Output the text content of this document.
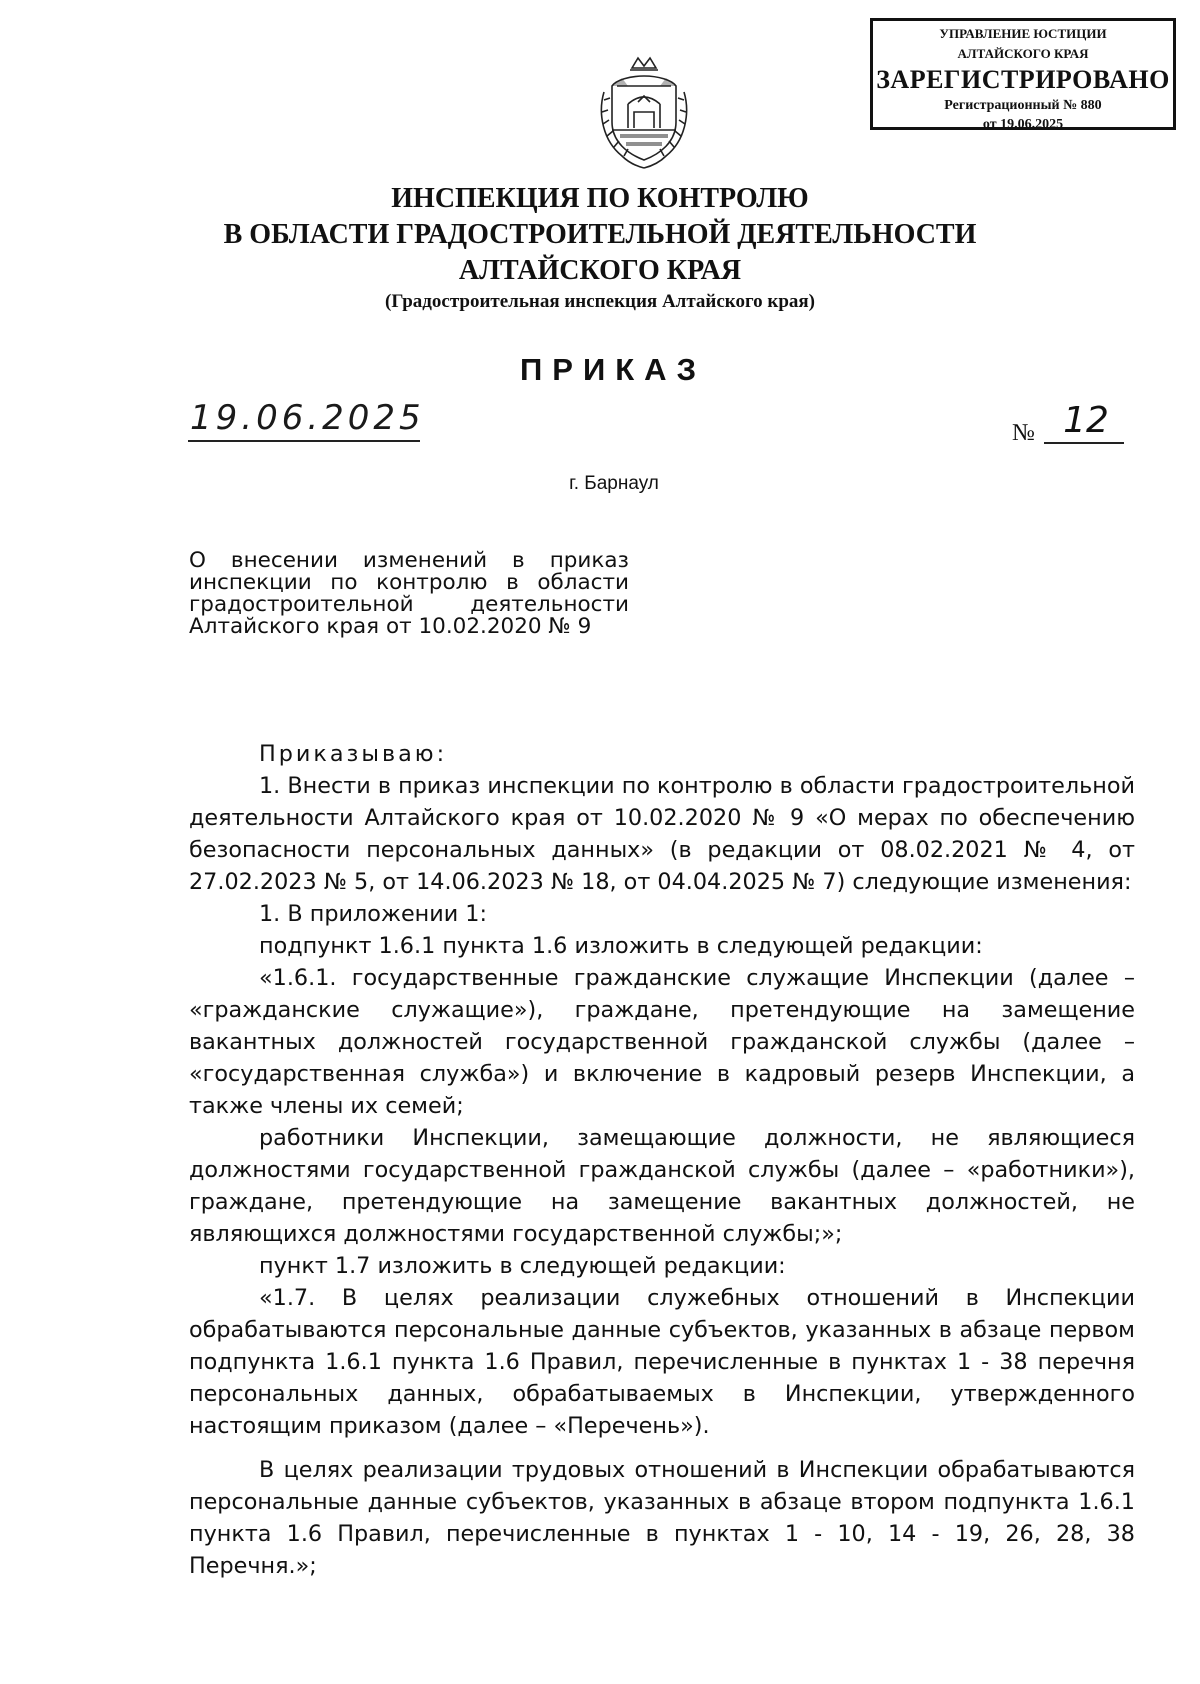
УПРАВЛЕНИЕ ЮСТИЦИИ
АЛТАЙСКОГО КРАЯ
ЗАРЕГИСТРИРОВАНО
Регистрационный № 880
от 19.06.2025
ИНСПЕКЦИЯ ПО КОНТРОЛЮ
В ОБЛАСТИ ГРАДОСТРОИТЕЛЬНОЙ ДЕЯТЕЛЬНОСТИ
АЛТАЙСКОГО КРАЯ
(Градостроительная инспекция Алтайского края)
ПРИКАЗ
19.06.2025	№ 12
г. Барнаул
О внесении изменений в приказ инспекции по контролю в области градостроительной деятельности Алтайского края от 10.02.2020 № 9

Приказываю:

1. Внести в приказ инспекции по контролю в области градостроительной деятельности Алтайского края от 10.02.2020 № 9 «О мерах по обеспечению безопасности персональных данных» (в редакции от 08.02.2021 № 4, от 27.02.2023 № 5, от 14.06.2023 № 18, от 04.04.2025 № 7) следующие изменения:

1. В приложении 1:

подпункт 1.6.1 пункта 1.6 изложить в следующей редакции:

«1.6.1. государственные гражданские служащие Инспекции (далее – «гражданские служащие»), граждане, претендующие на замещение вакантных должностей государственной гражданской службы (далее – «государственная служба») и включение в кадровый резерв Инспекции, а также члены их семей;

работники Инспекции, замещающие должности, не являющиеся должностями государственной гражданской службы (далее – «работники»), граждане, претендующие на замещение вакантных должностей, не являющихся должностями государственной службы;»;

пункт 1.7 изложить в следующей редакции:

«1.7. В целях реализации служебных отношений в Инспекции обрабатываются персональные данные субъектов, указанных в абзаце первом подпункта 1.6.1 пункта 1.6 Правил, перечисленные в пунктах 1 - 38 перечня персональных данных, обрабатываемых в Инспекции, утвержденного настоящим приказом (далее – «Перечень»).

В целях реализации трудовых отношений в Инспекции обрабатываются персональные данные субъектов, указанных в абзаце втором подпункта 1.6.1 пункта 1.6 Правил, перечисленные в пунктах 1 - 10, 14 - 19, 26, 28, 38 Перечня.»;
